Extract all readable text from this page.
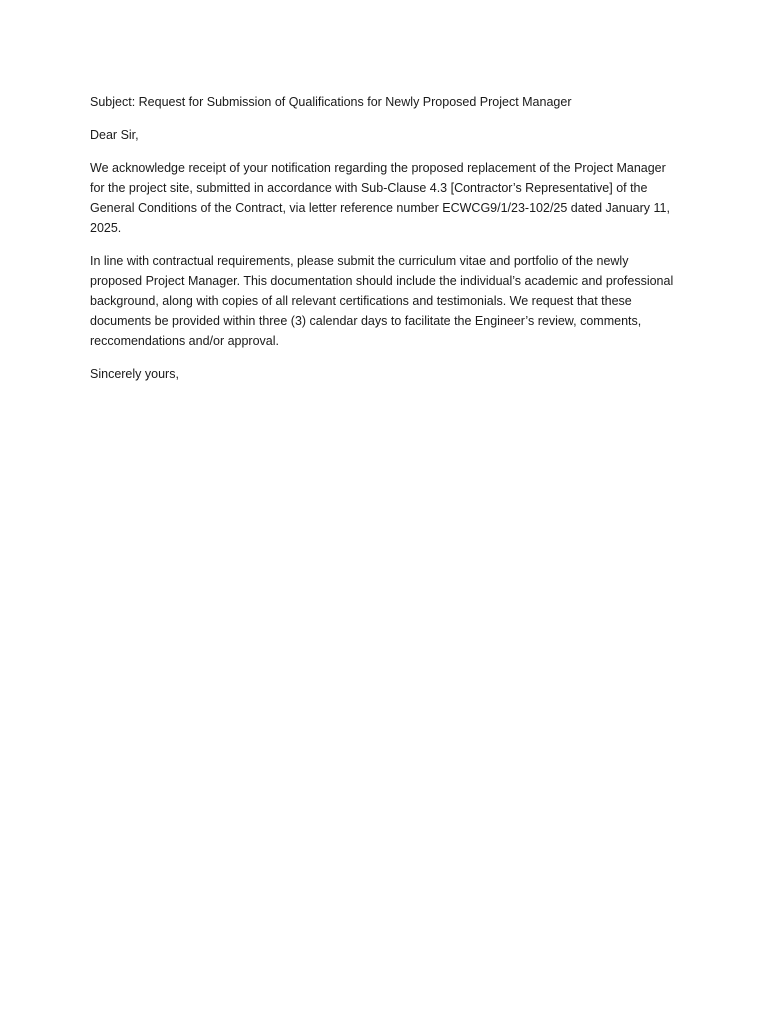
Subject: Request for Submission of Qualifications for Newly Proposed Project Manager

Dear Sir,

We acknowledge receipt of your notification regarding the proposed replacement of the Project Manager for the project site, submitted in accordance with Sub-Clause 4.3 [Contractor’s Representative] of the General Conditions of the Contract, via letter reference number ECWCG9/1/23-102/25 dated January 11, 2025.

In line with contractual requirements, please submit the curriculum vitae and portfolio of the newly proposed Project Manager. This documentation should include the individual’s academic and professional background, along with copies of all relevant certifications and testimonials. We request that these documents be provided within three (3) calendar days to facilitate the Engineer’s review, comments, reccomendations and/or approval.

Sincerely yours,
